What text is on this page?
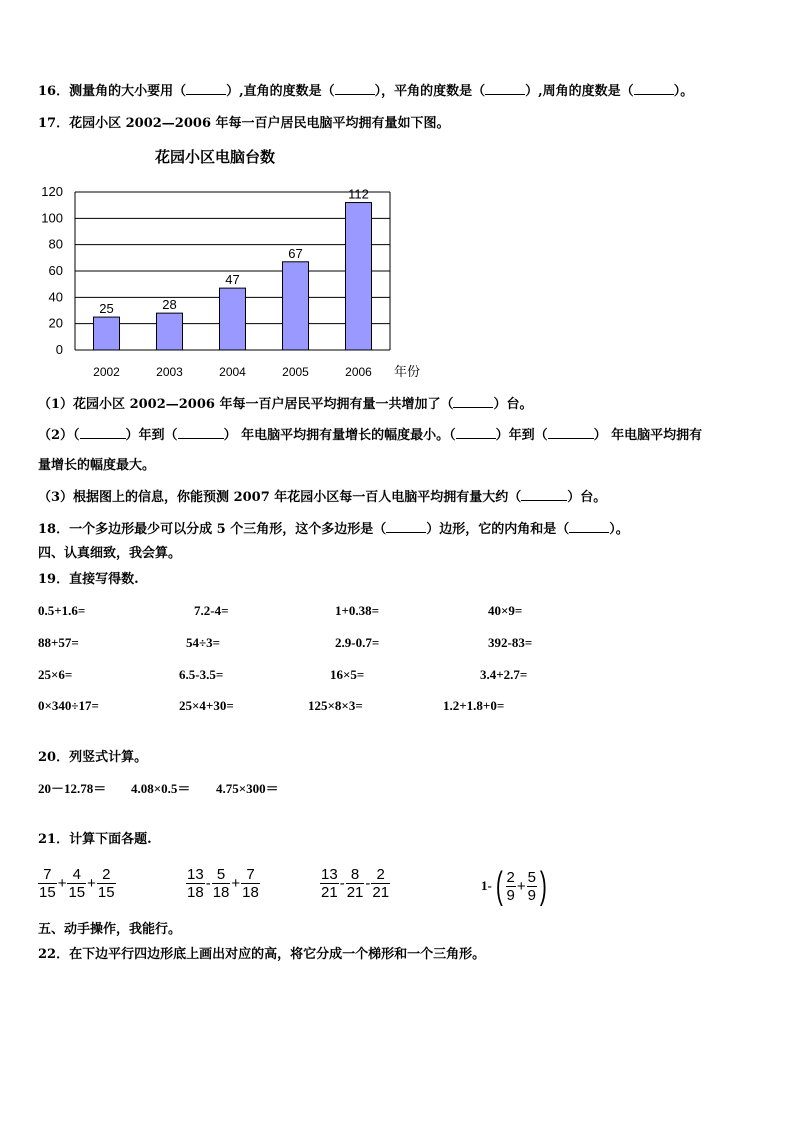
16．测量角的大小要用（	）,直角的度数是（	），平角的度数是（	）,周角的度数是（	）。
17．花园小区 2002—2006 年每一百户居民电脑平均拥有量如下图。
花园小区电脑台数
25	28
47
67
112
0
20
40
60
80
100
120
2002	2003	2004	2005	2006 年份
（1）花园小区 2002—2006 年每一百户居民平均拥有量一共增加了（	）台。
（2）（	）年到（	） 年电脑平均拥有量增长的幅度最小。（	）年到（	） 年电脑平均拥有
量增长的幅度最大。
（3）根据图上的信息，你能预测 2007 年花园小区每一百人电脑平均拥有量大约（	）台。
18．一个多边形最少可以分成 5 个三角形，这个多边形是（	）边形，它的内角和是（	）。
四、认真细致，我会算。
19．直接写得数.
0.5+1.6=	7.2-4=	1+0.38=	40×9=
88+57=	54÷3=	2.9-0.7=	392-83=
25×6=	6.5-3.5=	16×5=	3.4+2.7=
0×340÷17=	25×4+30=	125×8×3=	1.2+1.8+0=
20．列竖式计算。
20－12.78＝ 4.08×0.5＝ 4.75×300＝
21．计算下面各题.
$\frac{7}{15} + \frac{4}{15} + \frac{2}{15}$	$\frac{13}{18} - \frac{5}{18} + \frac{7}{18}$	$\frac{13}{21} - \frac{8}{21} - \frac{2}{21}$	1- ( $\frac{2}{9} + \frac{5}{9}$ )
五、动手操作，我能行。
22．在下边平行四边形底上画出对应的高，将它分成一个梯形和一个三角形。
